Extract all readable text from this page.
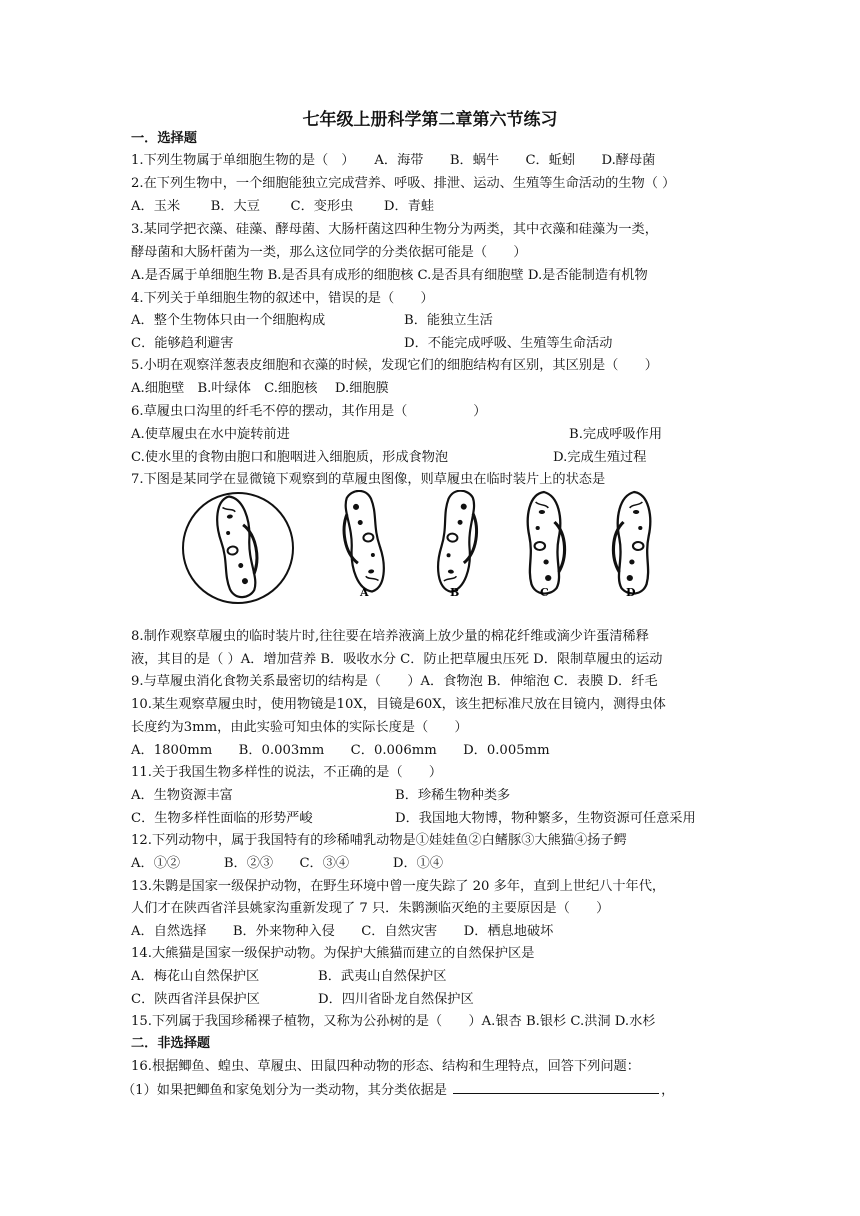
七年级上册科学第二章第六节练习
一．选择题
1.下列生物属于单细胞生物的是（　）　　A．海带　　B．蜗牛　　C．蚯蚓　　D.酵母菌
2.在下列生物中，一个细胞能独立完成营养、呼吸、排泄、运动、生殖等生命活动的生物（ ）
A．玉米　　 B．大豆　　 C．变形虫　　 D．青蛙
3.某同学把衣藻、硅藻、酵母菌、大肠杆菌这四种生物分为两类，其中衣藻和硅藻为一类，
酵母菌和大肠杆菌为一类，那么这位同学的分类依据可能是（　　）
A.是否属于单细胞生物 B.是否具有成形的细胞核 C.是否具有细胞壁 D.是否能制造有机物
4.下列关于单细胞生物的叙述中，错误的是（　　）
A．整个生物体只由一个细胞构成	B．能独立生活
C．能够趋利避害	D．不能完成呼吸、生殖等生命活动
5.小明在观察洋葱表皮细胞和衣藻的时候，发现它们的细胞结构有区别，其区别是（　　）
A.细胞壁　B.叶绿体　C.细胞核　 D.细胞膜
6.草履虫口沟里的纤毛不停的摆动，其作用是（　　　　　）
A.使草履虫在水中旋转前进	B.完成呼吸作用
C.使水里的食物由胞口和胞咽进入细胞质，形成食物泡	D.完成生殖过程
7.下图是某同学在显微镜下观察到的草履虫图像，则草履虫在临时装片上的状态是
A	B	C	D
8.制作观察草履虫的临时装片时,往往要在培养液滴上放少量的棉花纤维或滴少许蛋清稀释
液，其目的是（ ）A．增加营养 B．吸收水分 C．防止把草履虫压死 D．限制草履虫的运动
9.与草履虫消化食物关系最密切的结构是（　　）A．食物泡 B．伸缩泡 C．表膜 D．纤毛
10.某生观察草履虫时，使用物镜是10X，目镜是60X，该生把标准尺放在目镜内，测得虫体
长度约为3mm，由此实验可知虫体的实际长度是（　　）
A．1800mm　　B．0.003mm　　C．0.006mm　　D．0.005mm
11.关于我国生物多样性的说法，不正确的是（　　）
A．生物资源丰富	B．珍稀生物种类多
C．生物多样性面临的形势严峻	D．我国地大物博，物种繁多，生物资源可任意采用
12.下列动物中，属于我国特有的珍稀哺乳动物是①娃娃鱼②白鳍豚③大熊猫④扬子鳄
A．①②　　　 B．②③　　C．③④　　　 D．①④
13.朱鹮是国家一级保护动物，在野生环境中曾一度失踪了 20 多年，直到上世纪八十年代，
人们才在陕西省洋县姚家沟重新发现了 7 只．朱鹮濒临灭绝的主要原因是（　　）
A．自然选择　　B．外来物种入侵　　C．自然灾害　　D．栖息地破坏
14.大熊猫是国家一级保护动物。为保护大熊猫而建立的自然保护区是
A．梅花山自然保护区	B．武夷山自然保护区
C．陕西省洋县保护区	D．四川省卧龙自然保护区
15.下列属于我国珍稀裸子植物，又称为公孙树的是（　　）A.银杏 B.银杉 C.洪洞 D.水杉
二．非选择题
16.根据鲫鱼、蝗虫、草履虫、田鼠四种动物的形态、结构和生理特点，回答下列问题：
（1）如果把鲫鱼和家兔划分为一类动物，其分类依据是	，
